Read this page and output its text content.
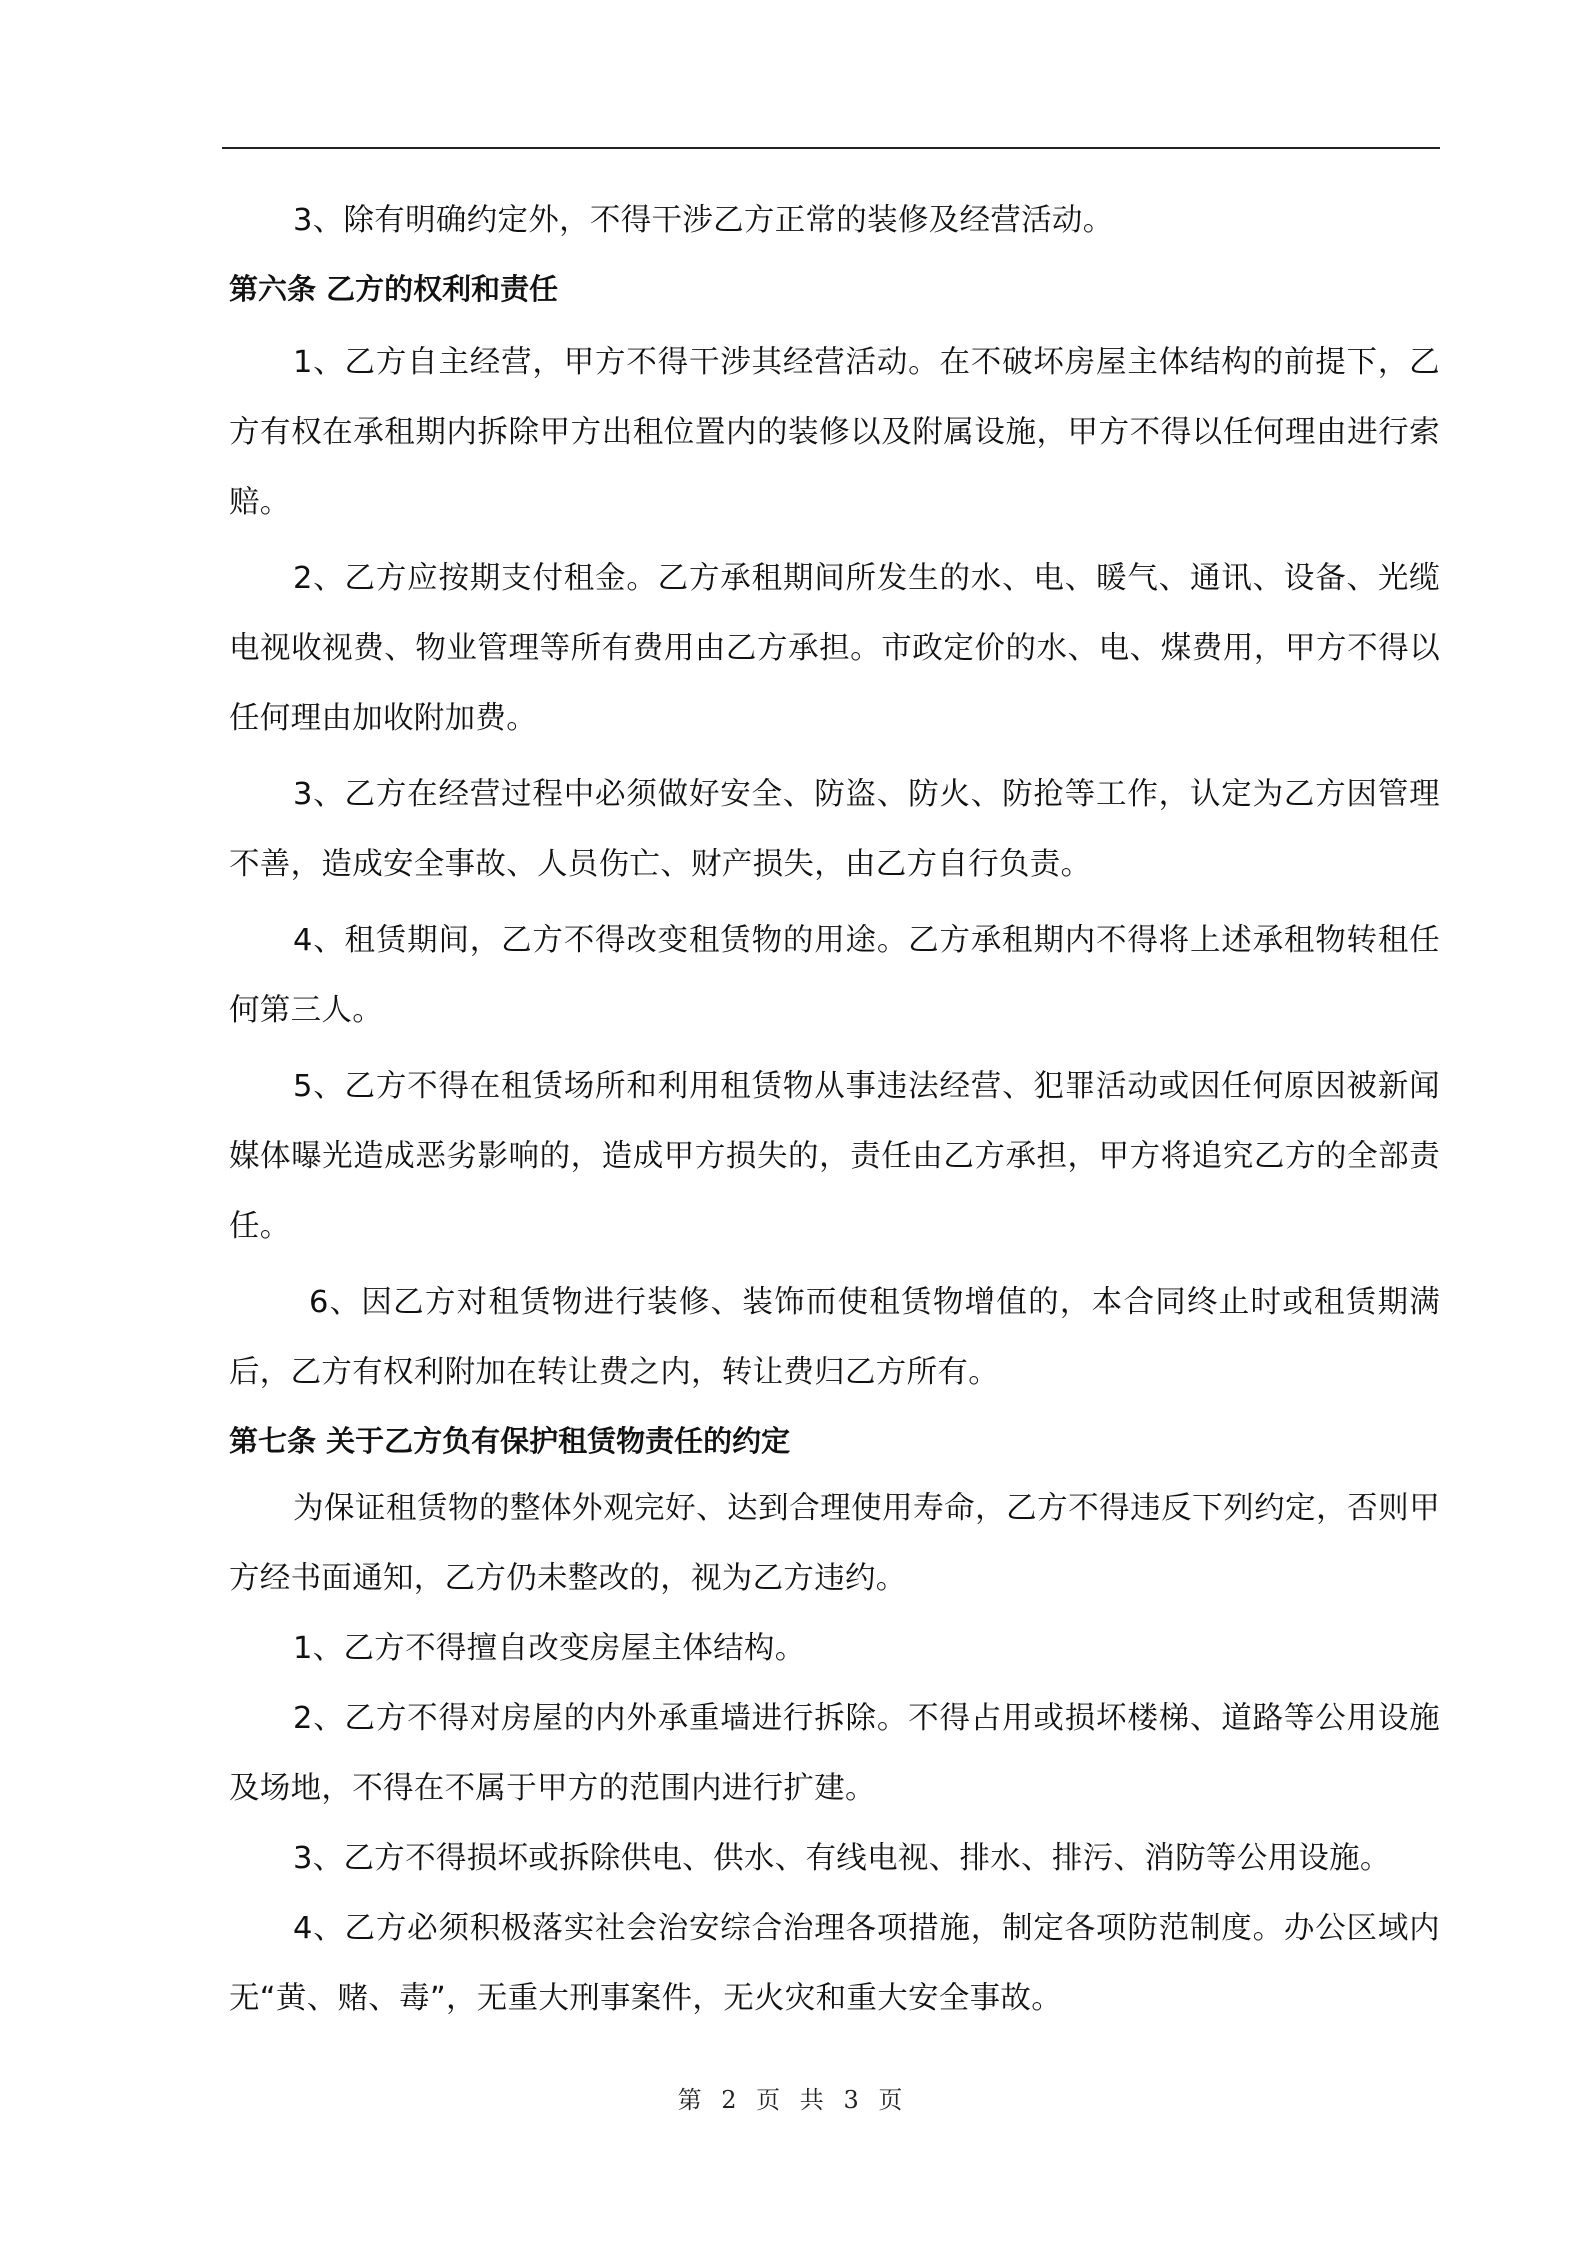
3、除有明确约定外，不得干涉乙方正常的装修及经营活动。

第六条 乙方的权利和责任

1、乙方自主经营，甲方不得干涉其经营活动。在不破坏房屋主体结构的前提下，乙方有权在承租期内拆除甲方出租位置内的装修以及附属设施，甲方不得以任何理由进行索赔。

2、乙方应按期支付租金。乙方承租期间所发生的水、电、暖气、通讯、设备、光缆电视收视费、物业管理等所有费用由乙方承担。市政定价的水、电、煤费用，甲方不得以任何理由加收附加费。

3、乙方在经营过程中必须做好安全、防盗、防火、防抢等工作，认定为乙方因管理不善，造成安全事故、人员伤亡、财产损失，由乙方自行负责。

4、租赁期间，乙方不得改变租赁物的用途。乙方承租期内不得将上述承租物转租任何第三人。

5、乙方不得在租赁场所和利用租赁物从事违法经营、犯罪活动或因任何原因被新闻媒体曝光造成恶劣影响的，造成甲方损失的，责任由乙方承担，甲方将追究乙方的全部责任。

6、因乙方对租赁物进行装修、装饰而使租赁物增值的，本合同终止时或租赁期满后，乙方有权利附加在转让费之内，转让费归乙方所有。

第七条 关于乙方负有保护租赁物责任的约定

为保证租赁物的整体外观完好、达到合理使用寿命，乙方不得违反下列约定，否则甲方经书面通知，乙方仍未整改的，视为乙方违约。

1、乙方不得擅自改变房屋主体结构。

2、乙方不得对房屋的内外承重墙进行拆除。不得占用或损坏楼梯、道路等公用设施及场地，不得在不属于甲方的范围内进行扩建。

3、乙方不得损坏或拆除供电、供水、有线电视、排水、排污、消防等公用设施。

4、乙方必须积极落实社会治安综合治理各项措施，制定各项防范制度。办公区域内无“黄、赌、毒”，无重大刑事案件，无火灾和重大安全事故。

第 2 页 共 3 页
